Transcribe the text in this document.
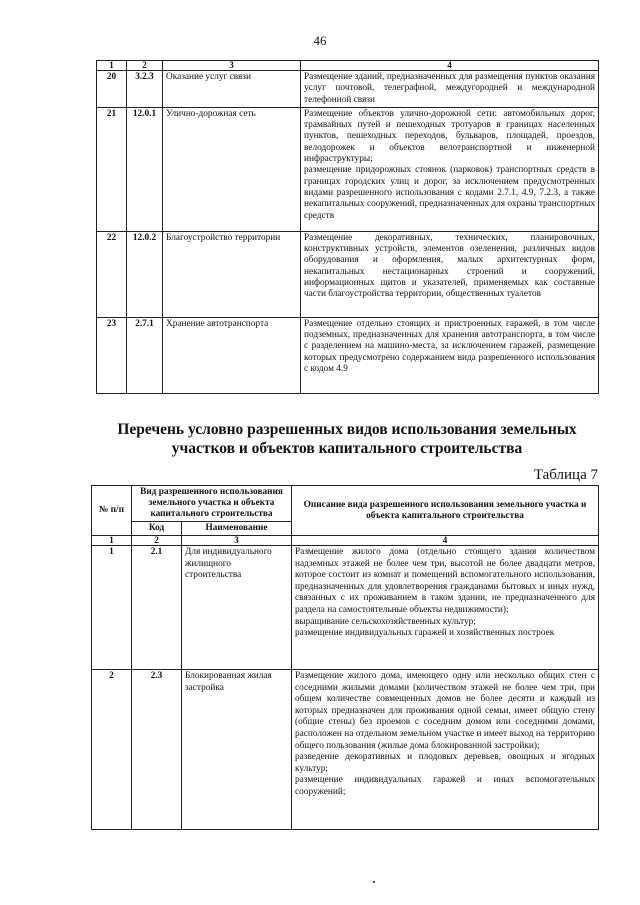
46
1	2	3	4
20	3.2.3	Оказание услуг связи	Размещение зданий, предназначенных для размещения пунктов оказания услуг почтовой, телеграфной, междугородней и международной телефонной связи

21	12.0.1	Улично-дорожная сеть	Размещение объектов улично-дорожной сети: автомобильных дорог, трамвайных путей и пешеходных тротуаров в границах населенных пунктов, пешеходных переходов, бульваров, площадей, проездов, велодорожек и объектов велотранспортной и инженерной инфраструктуры;
размещение придорожных стоянок (парковок) транспортных средств в границах городских улиц и дорог, за исключением предусмотренных видами разрешенного использования с кодами 2.7.1, 4.9, 7.2.3, а также некапитальных сооружений, предназначенных для охраны транспортных средств

22	12.0.2	Благоустройство территории	Размещение декоративных, технических, планировочных, конструктивных устройств, элементов озеленения, различных видов оборудования и оформления, малых архитектурных форм, некапитальных нестационарных строений и сооружений, информационных щитов и указателей, применяемых как составные части благоустройства территории, общественных туалетов

23	2.7.1	Хранение автотранспорта	Размещение отдельно стоящих и пристроенных гаражей, в том числе подземных, предназначенных для хранения автотранспорта, в том числе с разделением на машино-места, за исключением гаражей, размещение которых предусмотрено содержанием вида разрешенного использования с кодом 4.9
Перечень условно разрешенных видов использования земельных участков и объектов капитального строительства
Таблица 7
№ п/п	Вид разрешенного использования земельного участка и объекта капитального строительства		Описание вида разрешенного использования земельного участка и объекта капитального строительства
	Код	Наименование	
1	2	3	4
1	2.1	Для индивидуального жилищного строительства	Размещение жилого дома (отдельно стоящего здания количеством надземных этажей не более чем три, высотой не более двадцати метров, которое состоит из комнат и помещений вспомогательного использования, предназначенных для удовлетворения гражданами бытовых и иных нужд, связанных с их проживанием в таком здании, не предназначенного для раздела на самостоятельные объекты недвижимости);
выращивание сельскохозяйственных культур;
размещение индивидуальных гаражей и хозяйственных построек

2	2.3	Блокированная жилая застройка	Размещение жилого дома, имеющего одну или несколько общих стен с соседними жилыми домами (количеством этажей не более чем три, при общем количестве совмещенных домов не более десяти и каждый из которых предназначен для проживания одной семьи, имеет общую стену (общие стены) без проемов с соседним домом или соседними домами, расположен на отдельном земельном участке и имеет выход на территорию общего пользования (жилые дома блокированной застройки);
разведение декоративных и плодовых деревьев, овощных и ягодных культур;
размещение индивидуальных гаражей и иных вспомогательных сооружений;
